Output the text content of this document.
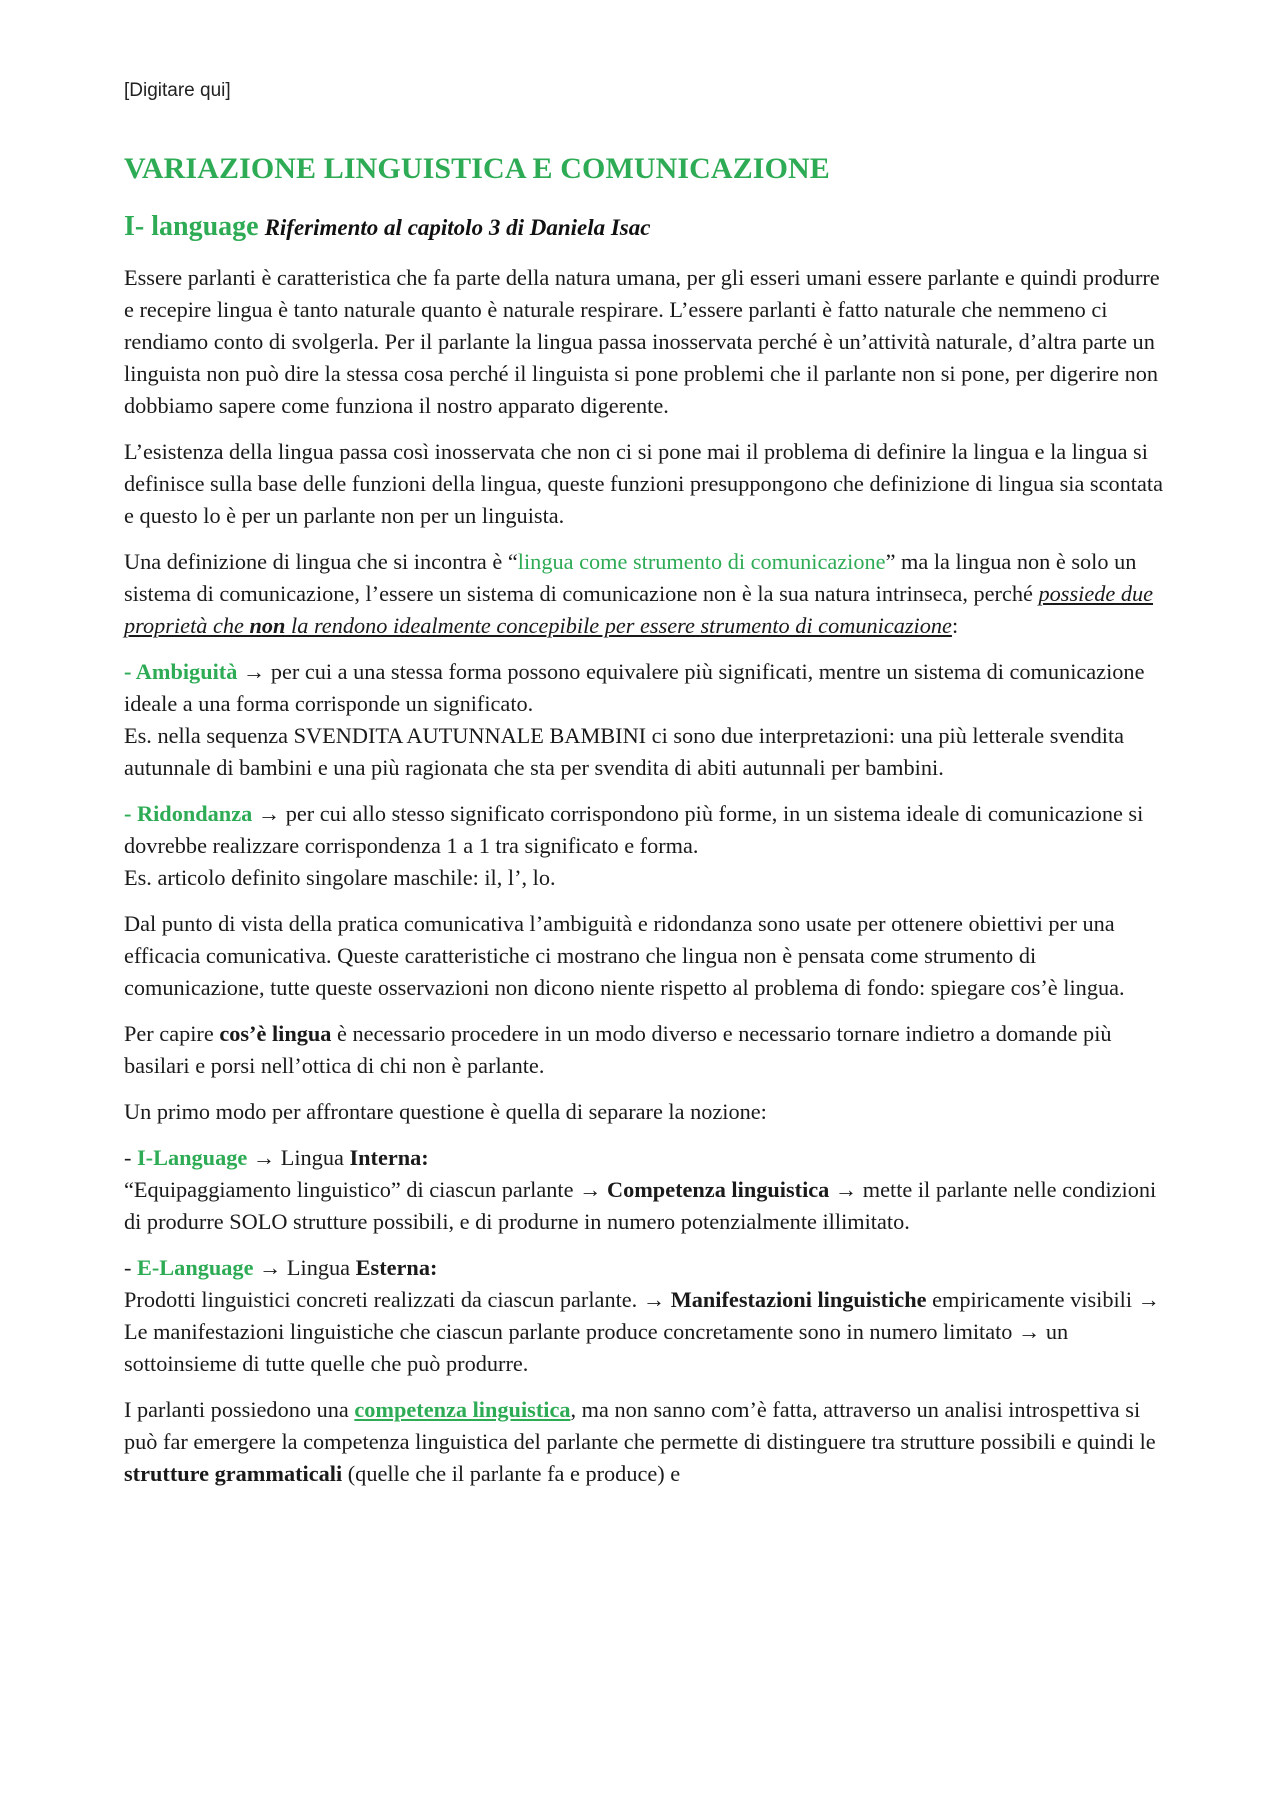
[Digitare qui]
VARIAZIONE LINGUISTICA E COMUNICAZIONE
I- language Riferimento al capitolo 3 di Daniela Isac

Essere parlanti è caratteristica che fa parte della natura umana, per gli esseri umani essere parlante e quindi produrre e recepire lingua è tanto naturale quanto è naturale respirare. L’essere parlanti è fatto naturale che nemmeno ci rendiamo conto di svolgerla. Per il parlante la lingua passa inosservata perché è un’attività naturale, d’altra parte un linguista non può dire la stessa cosa perché il linguista si pone problemi che il parlante non si pone, per digerire non dobbiamo sapere come funziona il nostro apparato digerente.

L’esistenza della lingua passa così inosservata che non ci si pone mai il problema di definire la lingua e la lingua si definisce sulla base delle funzioni della lingua, queste funzioni presuppongono che definizione di lingua sia scontata e questo lo è per un parlante non per un linguista.

Una definizione di lingua che si incontra è “lingua come strumento di comunicazione” ma la lingua non è solo un sistema di comunicazione, l’essere un sistema di comunicazione non è la sua natura intrinseca, perché possiede due proprietà che non la rendono idealmente concepibile per essere strumento di comunicazione:

- Ambiguità → per cui a una stessa forma possono equivalere più significati, mentre un sistema di comunicazione ideale a una forma corrisponde un significato.
Es. nella sequenza SVENDITA AUTUNNALE BAMBINI ci sono due interpretazioni: una più letterale svendita autunnale di bambini e una più ragionata che sta per svendita di abiti autunnali per bambini.

- Ridondanza → per cui allo stesso significato corrispondono più forme, in un sistema ideale di comunicazione si dovrebbe realizzare corrispondenza 1 a 1 tra significato e forma.
Es. articolo definito singolare maschile: il, l’, lo.

Dal punto di vista della pratica comunicativa l’ambiguità e ridondanza sono usate per ottenere obiettivi per una efficacia comunicativa. Queste caratteristiche ci mostrano che lingua non è pensata come strumento di comunicazione, tutte queste osservazioni non dicono niente rispetto al problema di fondo: spiegare cos’è lingua.

Per capire cos’è lingua è necessario procedere in un modo diverso e necessario tornare indietro a domande più basilari e porsi nell’ottica di chi non è parlante.

Un primo modo per affrontare questione è quella di separare la nozione:

- I-Language → Lingua Interna:
“Equipaggiamento linguistico” di ciascun parlante → Competenza linguistica → mette il parlante nelle condizioni di produrre SOLO strutture possibili, e di produrne in numero potenzialmente illimitato.

- E-Language → Lingua Esterna:
Prodotti linguistici concreti realizzati da ciascun parlante. → Manifestazioni linguistiche empiricamente visibili → Le manifestazioni linguistiche che ciascun parlante produce concretamente sono in numero limitato → un sottoinsieme di tutte quelle che può produrre.

I parlanti possiedono una competenza linguistica, ma non sanno com’è fatta, attraverso un analisi introspettiva si può far emergere la competenza linguistica del parlante che permette di distinguere tra strutture possibili e quindi le strutture grammaticali (quelle che il parlante fa e produce) e
